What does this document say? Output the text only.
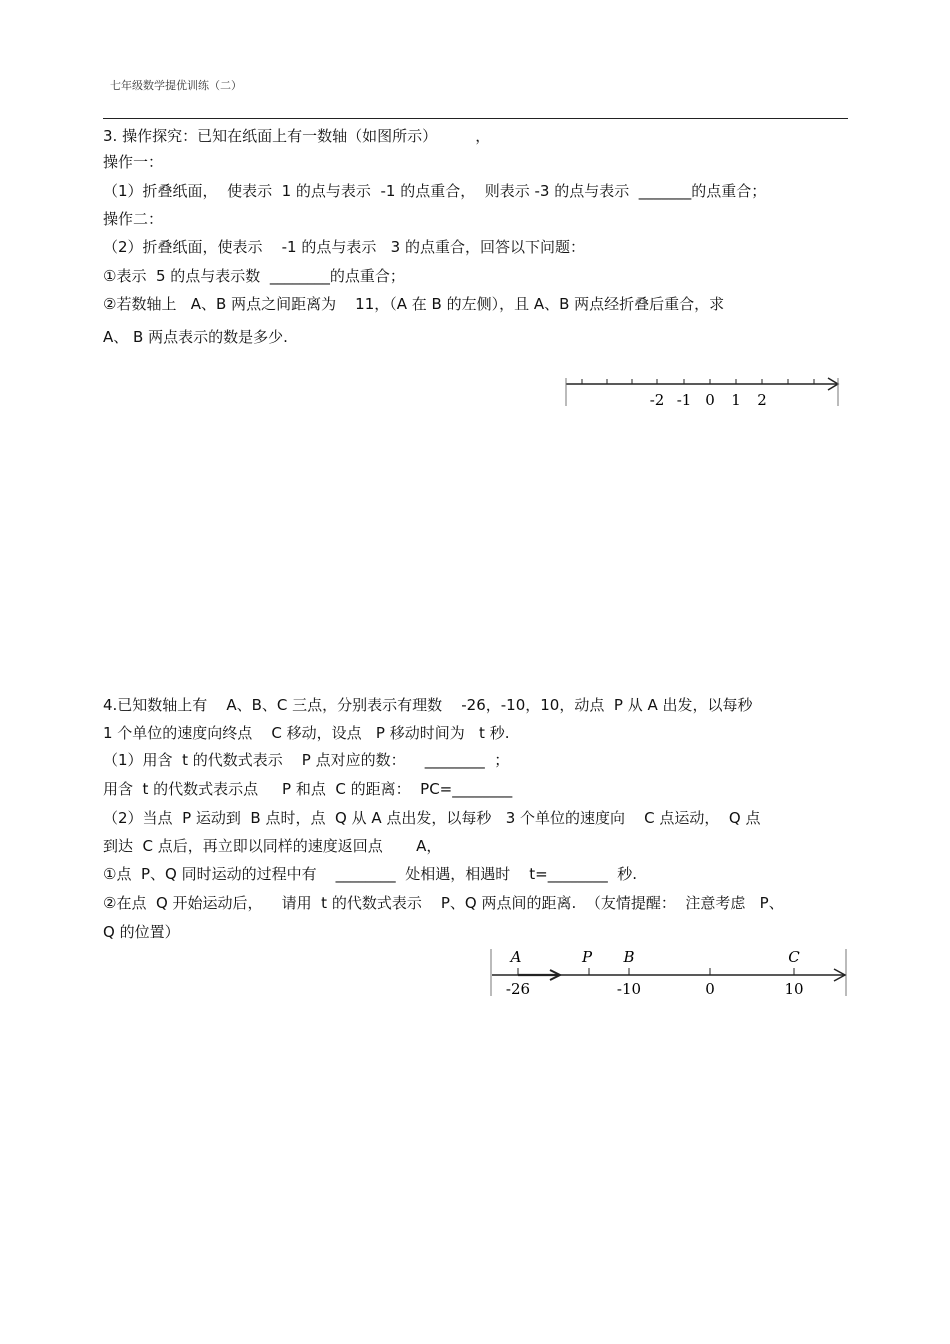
七年级数学提优训练（二）
3. 操作探究：已知在纸面上有一数轴（如图所示）        ，
操作一：
（1）折叠纸面，  使表示  1 的点与表示  -1 的点重合，  则表示 -3 的点与表示  _______的点重合；
操作二：
（2）折叠纸面，使表示    -1 的点与表示   3 的点重合，回答以下问题：
①表示  5 的点与表示数  ________的点重合；
②若数轴上   A、B 两点之间距离为    11，（A 在 B 的左侧），且 A、B 两点经折叠后重合，求
A、 B 两点表示的数是多少.
-2 -1 0 1 2
4.已知数轴上有    A、B、C 三点，分别表示有理数    -26，-10，10，动点  P 从 A 出发，以每秒
1 个单位的速度向终点    C 移动，设点   P 移动时间为   t 秒.
（1）用含  t 的代数式表示    P 点对应的数：    ________  ；
用含  t 的代数式表示点     P 和点  C 的距离：  PC=________
（2）当点  P 运动到  B 点时，点  Q 从 A 点出发，以每秒   3 个单位的速度向    C 点运动，  Q 点
到达  C 点后，再立即以同样的速度返回点       A，
①点  P、Q 同时运动的过程中有    ________  处相遇，相遇时    t=________  秒.
②在点  Q 开始运动后，    请用  t 的代数式表示    P、Q 两点间的距离.  （友情提醒：  注意考虑   P、
Q 的位置）
A	P B	C
-26	-10	0	10
